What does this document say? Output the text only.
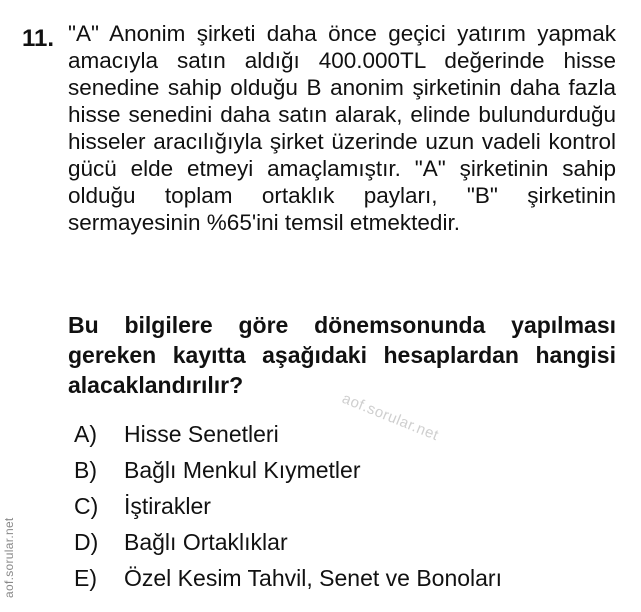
11. "A" Anonim şirketi daha önce geçici yatırım yapmak amacıyla satın aldığı 400.000TL değerinde hisse senedine sahip olduğu B anonim şirketinin daha fazla hisse senedini daha satın alarak, elinde bulundurduğu hisseler aracılığıyla şirket üzerinde uzun vadeli kontrol gücü elde etmeyi amaçlamıştır. "A" şirketinin sahip olduğu toplam ortaklık payları, "B" şirketinin sermayesinin %65'ini temsil etmektedir.

Bu bilgilere göre dönemsonunda yapılması gereken kayıtta aşağıdaki hesaplardan hangisi alacaklandırılır?

A)	Hisse Senetleri
B)	Bağlı Menkul Kıymetler
C)	İştirakler
D)	Bağlı Ortaklıklar
E)	Özel Kesim Tahvil, Senet ve Bonoları
aof.sorular.net
aof.sorular.net
